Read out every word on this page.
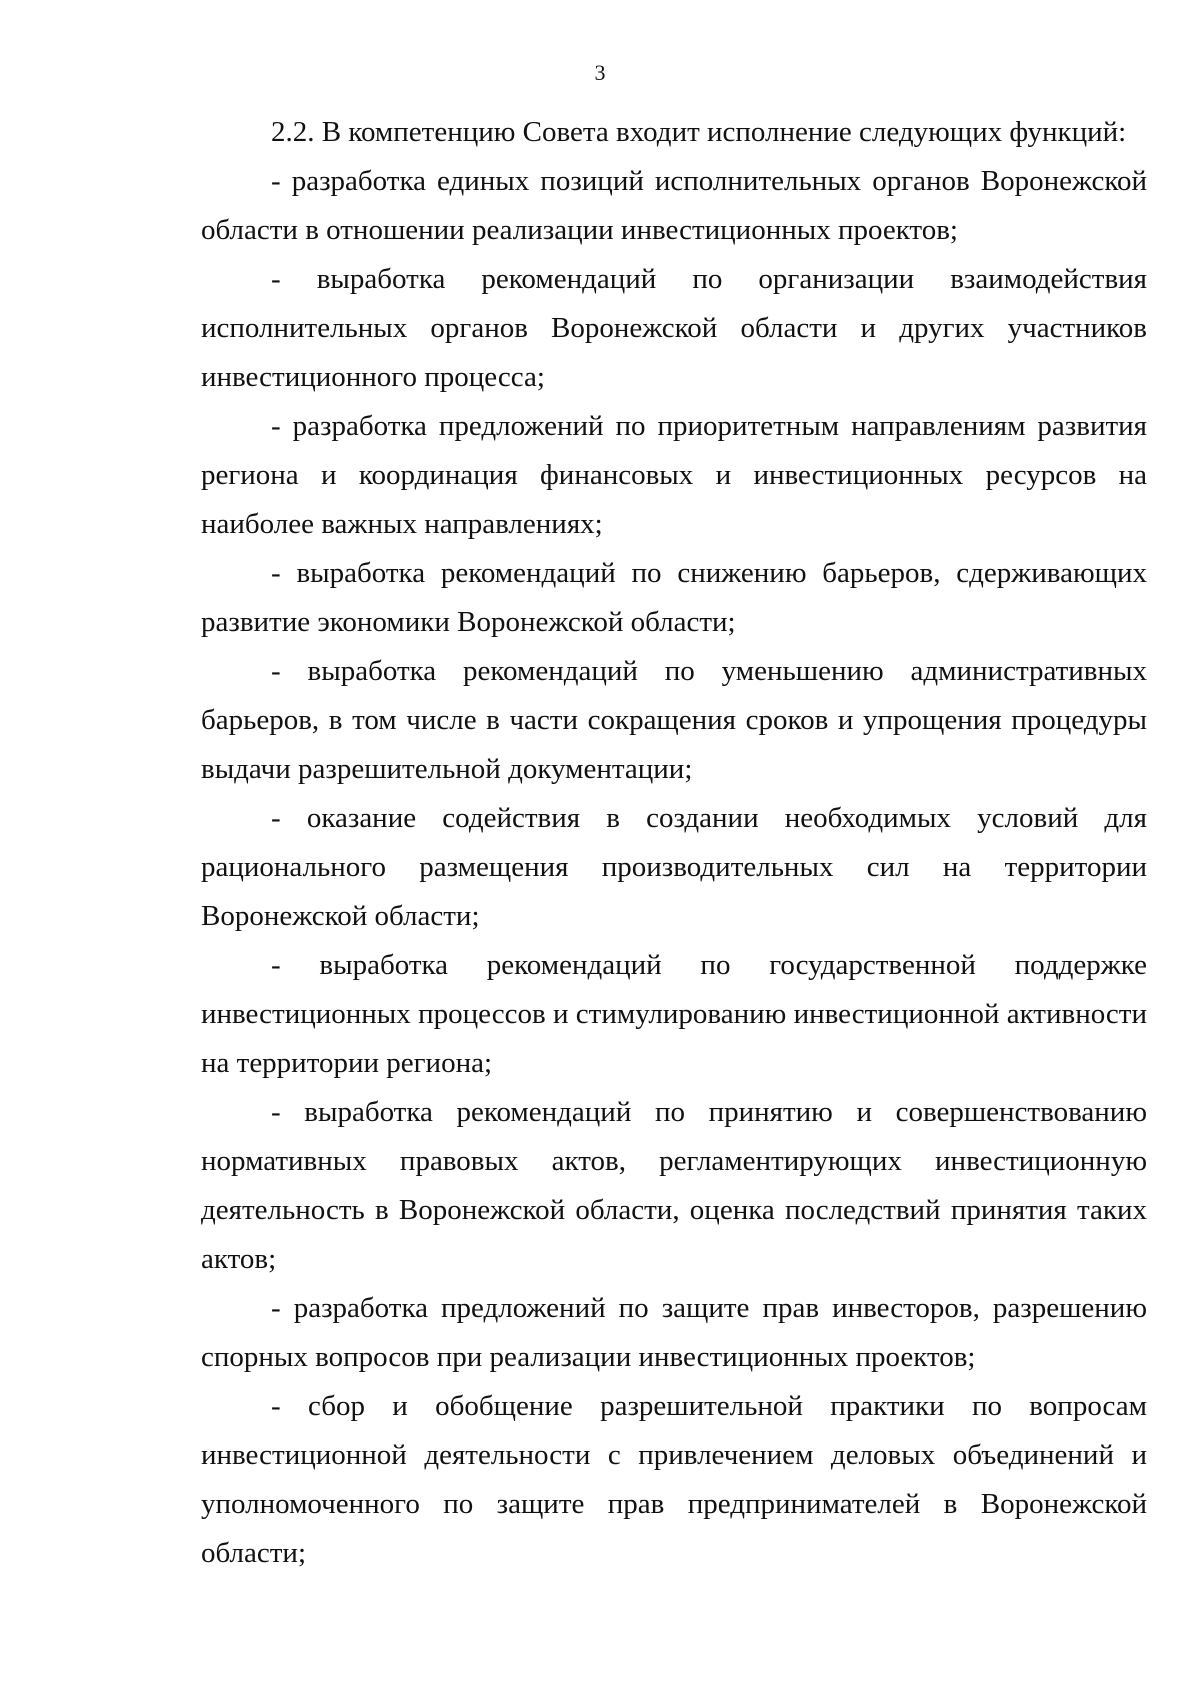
3

2.2. В компетенцию Совета входит исполнение следующих функций:

- разработка единых позиций исполнительных органов Воронежской области в отношении реализации инвестиционных проектов;

- выработка рекомендаций по организации взаимодействия исполнительных органов Воронежской области и других участников инвестиционного процесса;

- разработка предложений по приоритетным направлениям развития региона и координация финансовых и инвестиционных ресурсов на наиболее важных направлениях;

- выработка рекомендаций по снижению барьеров, сдерживающих развитие экономики Воронежской области;

- выработка рекомендаций по уменьшению административных барьеров, в том числе в части сокращения сроков и упрощения процедуры выдачи разрешительной документации;

- оказание содействия в создании необходимых условий для рационального размещения производительных сил на территории Воронежской области;

- выработка рекомендаций по государственной поддержке инвестиционных процессов и стимулированию инвестиционной активности на территории региона;

- выработка рекомендаций по принятию и совершенствованию нормативных правовых актов, регламентирующих инвестиционную деятельность в Воронежской области, оценка последствий принятия таких актов;

- разработка предложений по защите прав инвесторов, разрешению спорных вопросов при реализации инвестиционных проектов;

- сбор и обобщение разрешительной практики по вопросам инвестиционной деятельности с привлечением деловых объединений и уполномоченного по защите прав предпринимателей в Воронежской области;
